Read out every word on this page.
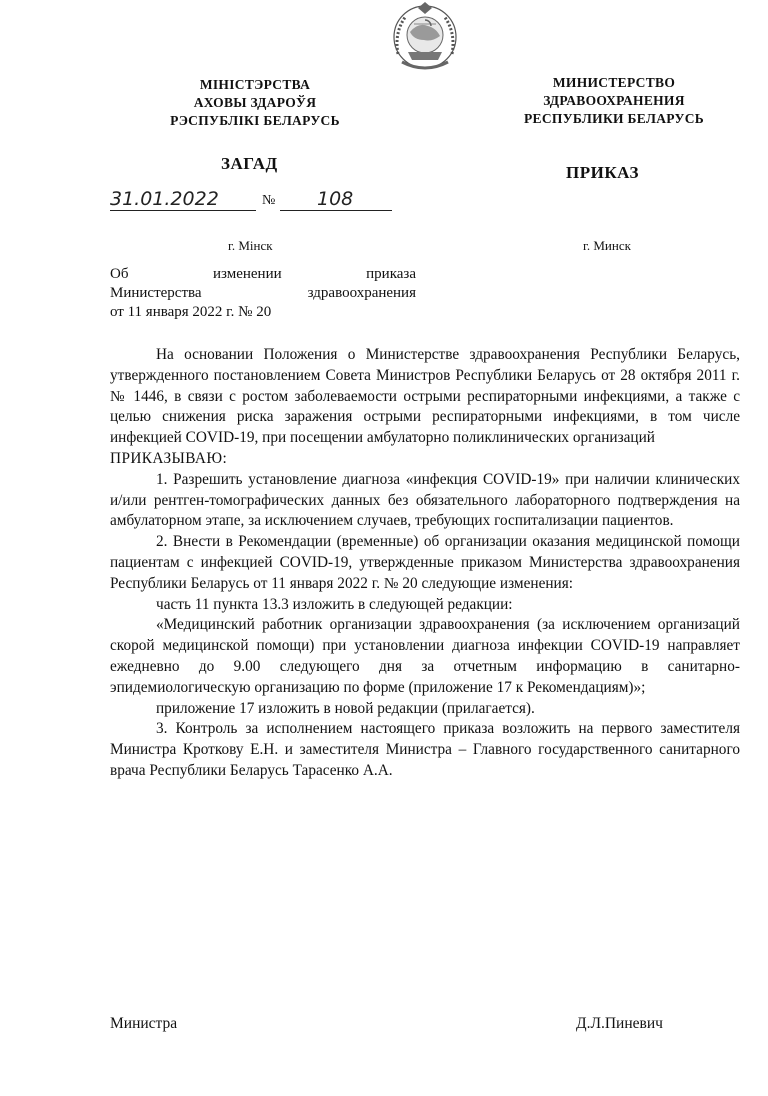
МІНІСТЭРСТВА
АХОВЫ ЗДАРОЎЯ
РЭСПУБЛІКІ БЕЛАРУСЬ
МИНИСТЕРСТВО
ЗДРАВООХРАНЕНИЯ
РЕСПУБЛИКИ БЕЛАРУСЬ
ЗАГАД	ПРИКАЗ
31.01.2022	№ 108
г. Мінск	г. Минск
Об изменении приказа
Министерства здравоохранения
от 11 января 2022 г. № 20

На основании Положения о Министерстве здравоохранения Республики Беларусь, утвержденного постановлением Совета Министров Республики Беларусь от 28 октября 2011 г. № 1446, в связи с ростом заболеваемости острыми респираторными инфекциями, а также с целью снижения риска заражения острыми респираторными инфекциями, в том числе инфекцией COVID-19, при посещении амбулаторно поликлинических организаций

ПРИКАЗЫВАЮ:

1. Разрешить установление диагноза «инфекция COVID-19» при наличии клинических и/или рентген-томографических данных без обязательного лабораторного подтверждения на амбулаторном этапе, за исключением случаев, требующих госпитализации пациентов.

2. Внести в Рекомендации (временные) об организации оказания медицинской помощи пациентам с инфекцией COVID-19, утвержденные приказом Министерства здравоохранения Республики Беларусь от 11 января 2022 г. № 20 следующие изменения:

часть 11 пункта 13.3 изложить в следующей редакции:

«Медицинский работник организации здравоохранения (за исключением организаций скорой медицинской помощи) при установлении диагноза инфекции COVID-19 направляет ежедневно до 9.00 следующего дня за отчетным информацию в санитарно-эпидемиологическую организацию по форме (приложение 17 к Рекомендациям)»;

приложение 17 изложить в новой редакции (прилагается).

3. Контроль за исполнением настоящего приказа возложить на первого заместителя Министра Кроткову Е.Н. и заместителя Министра – Главного государственного санитарного врача Республики Беларусь Тарасенко А.А.

Министра	Д.Л.Пиневич
